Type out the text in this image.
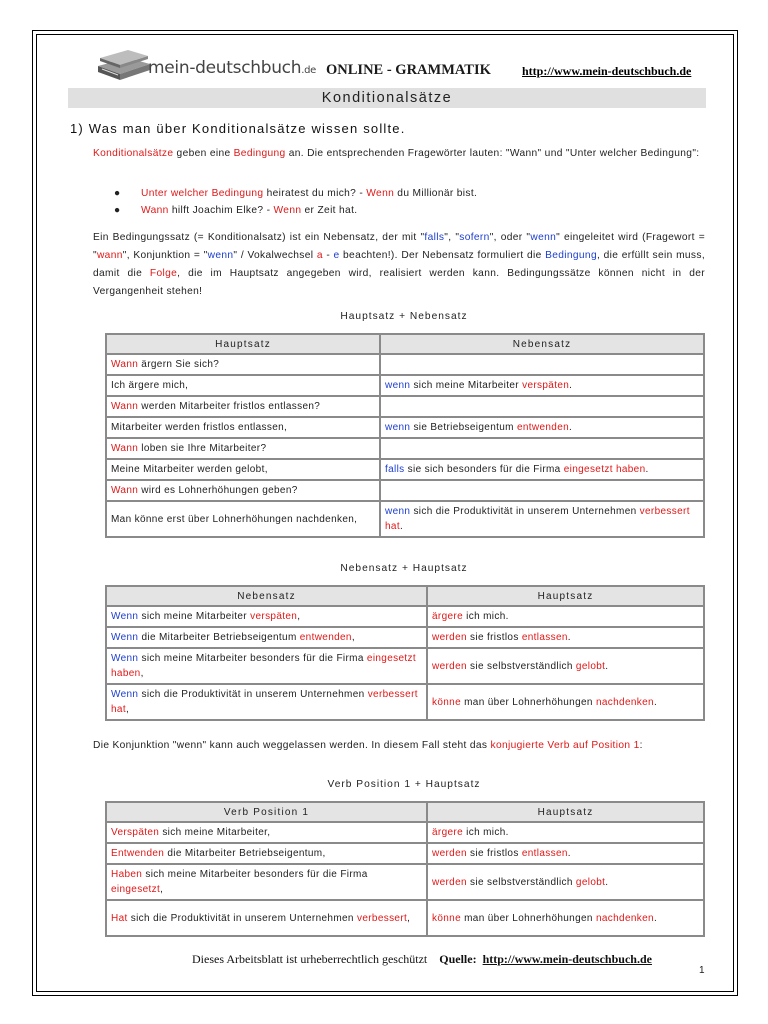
mein-deutschbuch.de ONLINE - GRAMMATIK	http://www.mein-deutschbuch.de
Konditionalsätze
1) Was man über Konditionalsätze wissen sollte.
Konditionalsätze geben eine Bedingung an. Die entsprechenden Fragewörter lauten: "Wann" und "Unter welcher Bedingung":
● Unter welcher Bedingung heiratest du mich? - Wenn du Millionär bist.
● Wann hilft Joachim Elke? - Wenn er Zeit hat.
Ein Bedingungssatz (= Konditionalsatz) ist ein Nebensatz, der mit "falls", "sofern", oder "wenn" eingeleitet wird (Fragewort = "wann", Konjunktion = "wenn" / Vokalwechsel a - e beachten!). Der Nebensatz formuliert die Bedingung, die erfüllt sein muss, damit die Folge, die im Hauptsatz angegeben wird, realisiert werden kann. Bedingungssätze können nicht in der Vergangenheit stehen!
Hauptsatz + Nebensatz
Hauptsatz	Nebensatz
Wann ärgern Sie sich?	
Ich ärgere mich,	wenn sich meine Mitarbeiter verspäten.
Wann werden Mitarbeiter fristlos entlassen?	
Mitarbeiter werden fristlos entlassen,	wenn sie Betriebseigentum entwenden.
Wann loben sie Ihre Mitarbeiter?	
Meine Mitarbeiter werden gelobt,	falls sie sich besonders für die Firma eingesetzt haben.
Wann wird es Lohnerhöhungen geben?	
Man könne erst über Lohnerhöhungen nachdenken,	wenn sich die Produktivität in unserem Unternehmen verbessert hat.
Nebensatz + Hauptsatz
Nebensatz	Hauptsatz
Wenn sich meine Mitarbeiter verspäten,	ärgere ich mich.
Wenn die Mitarbeiter Betriebseigentum entwenden,	werden sie fristlos entlassen.
Wenn sich meine Mitarbeiter besonders für die Firma eingesetzt haben,	werden sie selbstverständlich gelobt.
Wenn sich die Produktivität in unserem Unternehmen verbessert hat,	könne man über Lohnerhöhungen nachdenken.
Die Konjunktion "wenn" kann auch weggelassen werden. In diesem Fall steht das konjugierte Verb auf Position 1:
Verb Position 1 + Hauptsatz
Verb Position 1	Hauptsatz
Verspäten sich meine Mitarbeiter,	ärgere ich mich.
Entwenden die Mitarbeiter Betriebseigentum,	werden sie fristlos entlassen.
Haben sich meine Mitarbeiter besonders für die Firma eingesetzt,	werden sie selbstverständlich gelobt.
Hat sich die Produktivität in unserem Unternehmen verbessert,	könne man über Lohnerhöhungen nachdenken.
Dieses Arbeitsblatt ist urheberrechtlich geschützt Quelle: http://www.mein-deutschbuch.de
1
